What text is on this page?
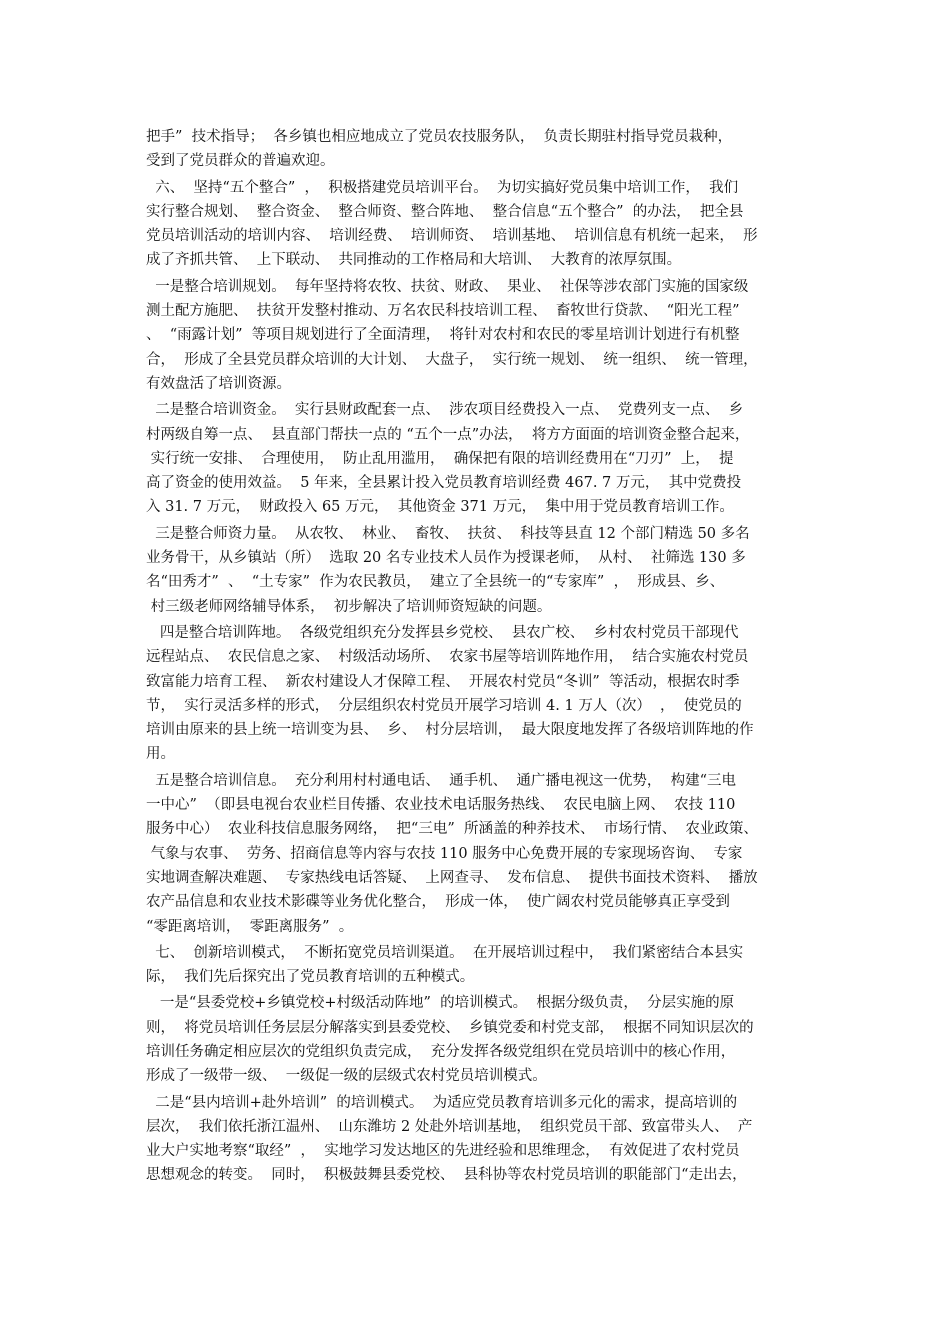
把手”  技术指导；  各乡镇也相应地成立了党员农技服务队，  负责长期驻村指导党员栽种，
受到了党员群众的普遍欢迎。
六、  坚持“五个整合”  ，  积极搭建党员培训平台。  为切实搞好党员集中培训工作，  我们
实行整合规划、  整合资金、  整合师资、整合阵地、  整合信息“五个整合”  的办法，  把全县
党员培训活动的培训内容、  培训经费、  培训师资、  培训基地、  培训信息有机统一起来，  形
成了齐抓共管、  上下联动、  共同推动的工作格局和大培训、  大教育的浓厚氛围。
一是整合培训规划。  每年坚持将农牧、扶贫、财政、  果业、  社保等涉农部门实施的国家级
测土配方施肥、  扶贫开发整村推动、万名农民科技培训工程、  畜牧世行贷款、  “阳光工程”
、  “雨露计划”  等项目规划进行了全面清理，  将针对农村和农民的零星培训计划进行有机整
合，  形成了全县党员群众培训的大计划、  大盘子，  实行统一规划、  统一组织、  统一管理，
有效盘活了培训资源。
二是整合培训资金。  实行县财政配套一点、  涉农项目经费投入一点、  党费列支一点、  乡
村两级自筹一点、  县直部门帮扶一点的 “五个一点”办法，  将方方面面的培训资金整合起来，
实行统一安排、  合理使用，  防止乱用滥用，  确保把有限的培训经费用在“刀刃”  上，  提
高了资金的使用效益。  5 年来，全县累计投入党员教育培训经费 467. 7 万元，  其中党费投
入 31. 7 万元，  财政投入 65 万元，  其他资金 371 万元，  集中用于党员教育培训工作。
三是整合师资力量。  从农牧、  林业、  畜牧、  扶贫、  科技等县直 12 个部门精选 50 多名
业务骨干，从乡镇站（所）  选取 20 名专业技术人员作为授课老师，  从村、  社筛选 130 多
名“田秀才”  、  “土专家”  作为农民教员，  建立了全县统一的“专家库”  ，  形成县、乡、
村三级老师网络辅导体系，  初步解决了培训师资短缺的问题。
四是整合培训阵地。  各级党组织充分发挥县乡党校、  县农广校、  乡村农村党员干部现代
远程站点、  农民信息之家、  村级活动场所、  农家书屋等培训阵地作用，  结合实施农村党员
致富能力培育工程、  新农村建设人才保障工程、  开展农村党员“冬训”  等活动，根据农时季
节，  实行灵活多样的形式，  分层组织农村党员开展学习培训 4. 1 万人（次）  ，  使党员的
培训由原来的县上统一培训变为县、  乡、  村分层培训，  最大限度地发挥了各级培训阵地的作
用。
五是整合培训信息。  充分利用村村通电话、  通手机、  通广播电视这一优势，  构建“三电
一中心”  （即县电视台农业栏目传播、农业技术电话服务热线、  农民电脑上网、  农技 110
服务中心）  农业科技信息服务网络，  把“三电”  所涵盖的种养技术、  市场行情、  农业政策、
气象与农事、  劳务、招商信息等内容与农技 110 服务中心免费开展的专家现场咨询、  专家
实地调查解决难题、  专家热线电话答疑、  上网查寻、  发布信息、  提供书面技术资料、  播放
农产品信息和农业技术影碟等业务优化整合，  形成一体，  使广阔农村党员能够真正享受到
“零距离培训，  零距离服务”  。
七、  创新培训模式，  不断拓宽党员培训渠道。  在开展培训过程中，  我们紧密结合本县实
际，  我们先后探究出了党员教育培训的五种模式。
一是“县委党校+乡镇党校+村级活动阵地”  的培训模式。  根据分级负责，  分层实施的原
则，  将党员培训任务层层分解落实到县委党校、  乡镇党委和村党支部，  根据不同知识层次的
培训任务确定相应层次的党组织负责完成，  充分发挥各级党组织在党员培训中的核心作用，
形成了一级带一级、  一级促一级的层级式农村党员培训模式。
二是“县内培训+赴外培训”  的培训模式。  为适应党员教育培训多元化的需求，提高培训的
层次，  我们依托浙江温州、  山东潍坊 2 处赴外培训基地，  组织党员干部、致富带头人、  产
业大户实地考察“取经”  ，  实地学习发达地区的先进经验和思维理念，  有效促进了农村党员
思想观念的转变。  同时，  积极鼓舞县委党校、  县科协等农村党员培训的职能部门“走出去，
